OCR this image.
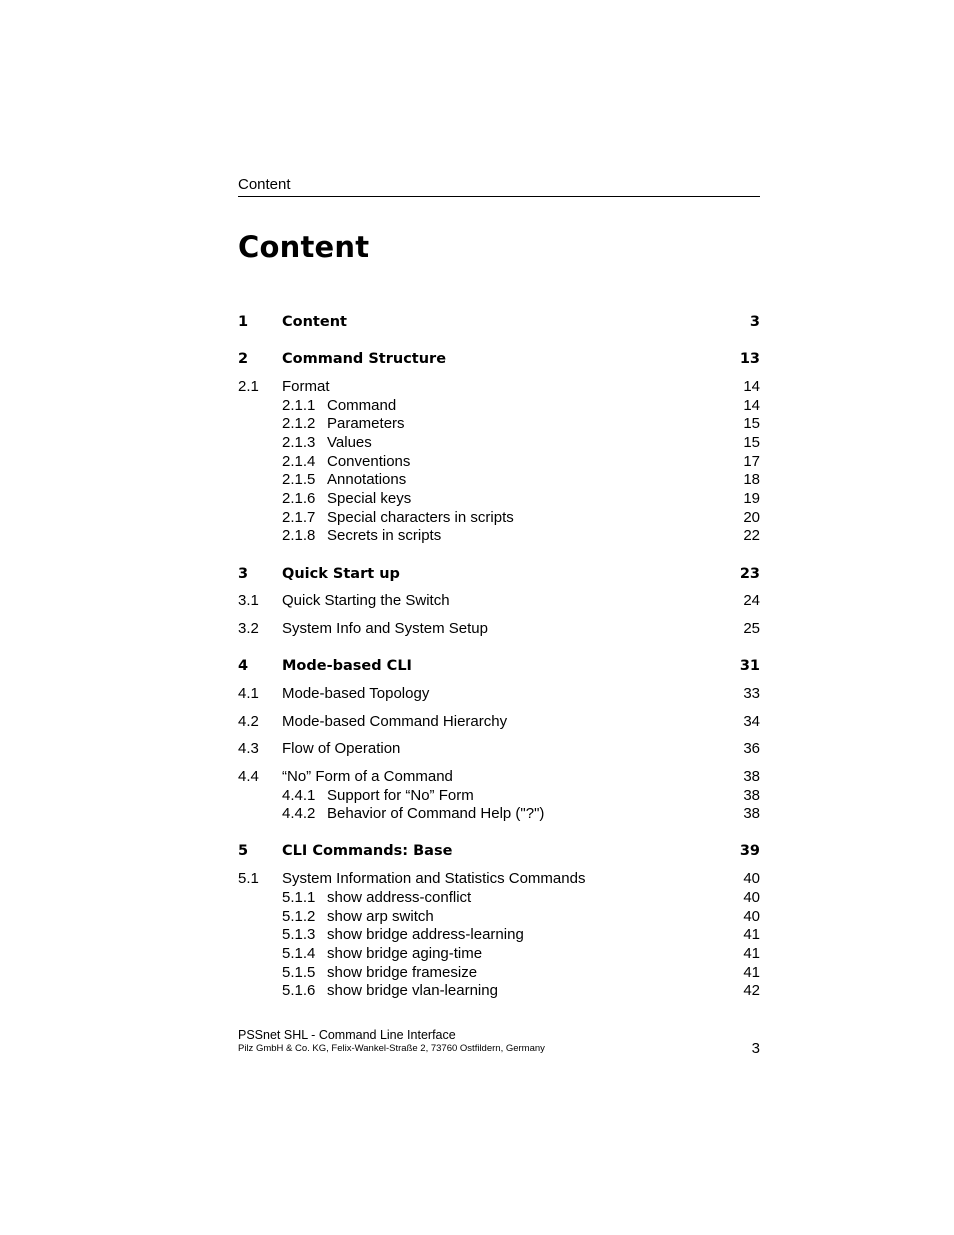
Content
Content
1 Content	3
2 Command Structure	13
2.1 Format	14
2.1.1 Command	14
2.1.2 Parameters	15
2.1.3 Values	15
2.1.4 Conventions	17
2.1.5 Annotations	18
2.1.6 Special keys	19
2.1.7 Special characters in scripts	20
2.1.8 Secrets in scripts	22
3 Quick Start up	23
3.1 Quick Starting the Switch	24
3.2 System Info and System Setup	25
4 Mode-based CLI	31
4.1 Mode-based Topology	33
4.2 Mode-based Command Hierarchy	34
4.3 Flow of Operation	36
4.4 “No” Form of a Command	38
4.4.1 Support for “No” Form	38
4.4.2 Behavior of Command Help ("?")	38
5 CLI Commands: Base	39
5.1 System Information and Statistics Commands	40
5.1.1 show address-conflict	40
5.1.2 show arp switch	40
5.1.3 show bridge address-learning	41
5.1.4 show bridge aging-time	41
5.1.5 show bridge framesize	41
5.1.6 show bridge vlan-learning	42
PSSnet SHL - Command Line Interface
Pilz GmbH & Co. KG, Felix-Wankel-Straße 2, 73760 Ostfildern, Germany	3
